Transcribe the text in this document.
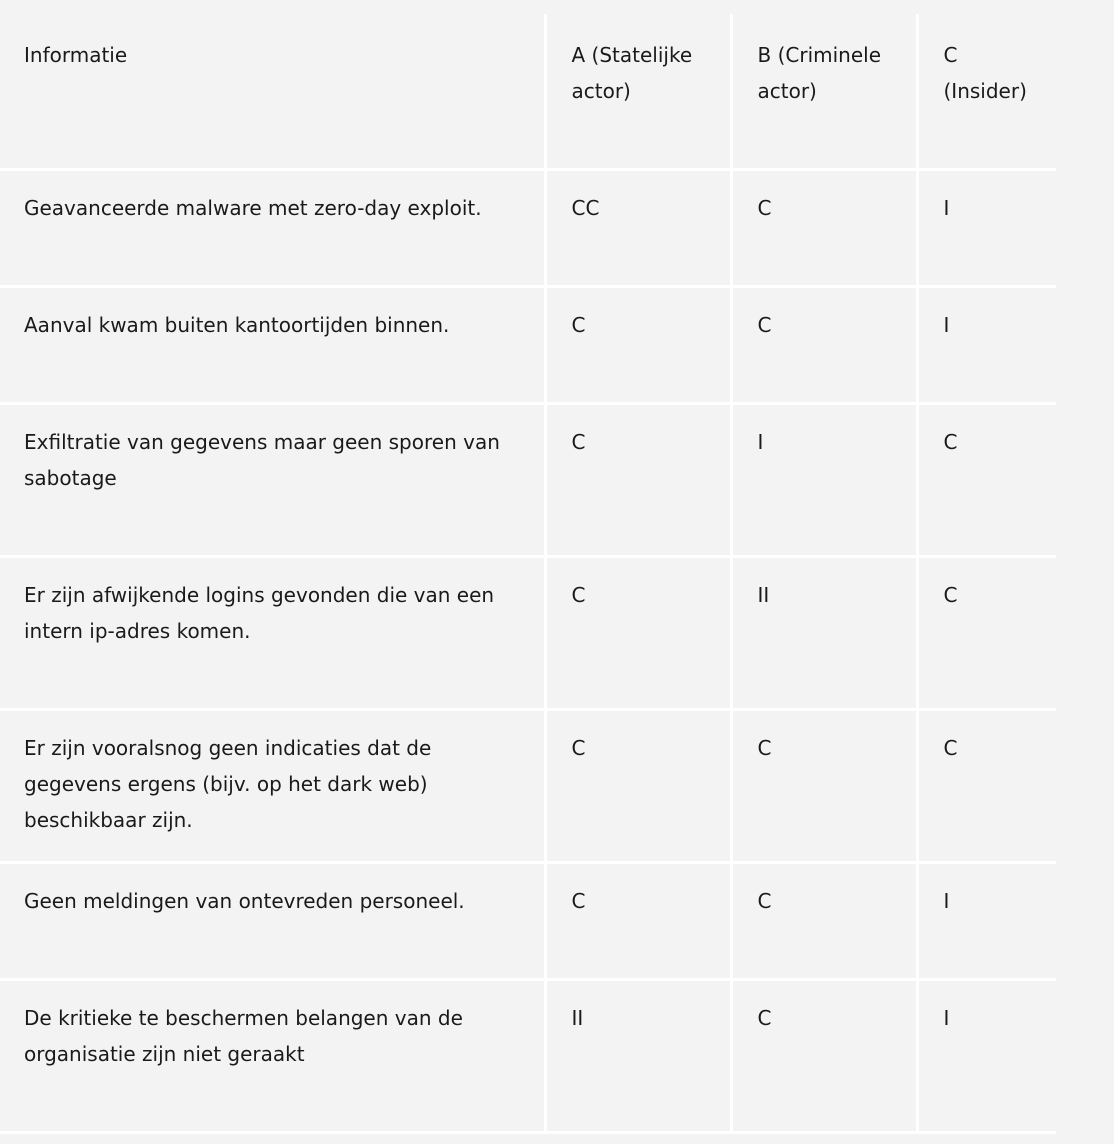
Informatie	A (Statelijke actor)	B (Criminele actor)	C (Insider)
Geavanceerde malware met zero-day exploit.	CC	C	I
Aanval kwam buiten kantoortijden binnen.	C	C	I
Exfiltratie van gegevens maar geen sporen van sabotage	C	I	C
Er zijn afwijkende logins gevonden die van een intern ip-adres komen.	C	II	C
Er zijn vooralsnog geen indicaties dat de gegevens ergens (bijv. op het dark web) beschikbaar zijn.	C	C	C
Geen meldingen van ontevreden personeel.	C	C	I
De kritieke te beschermen belangen van de organisatie zijn niet geraakt	II	C	I
